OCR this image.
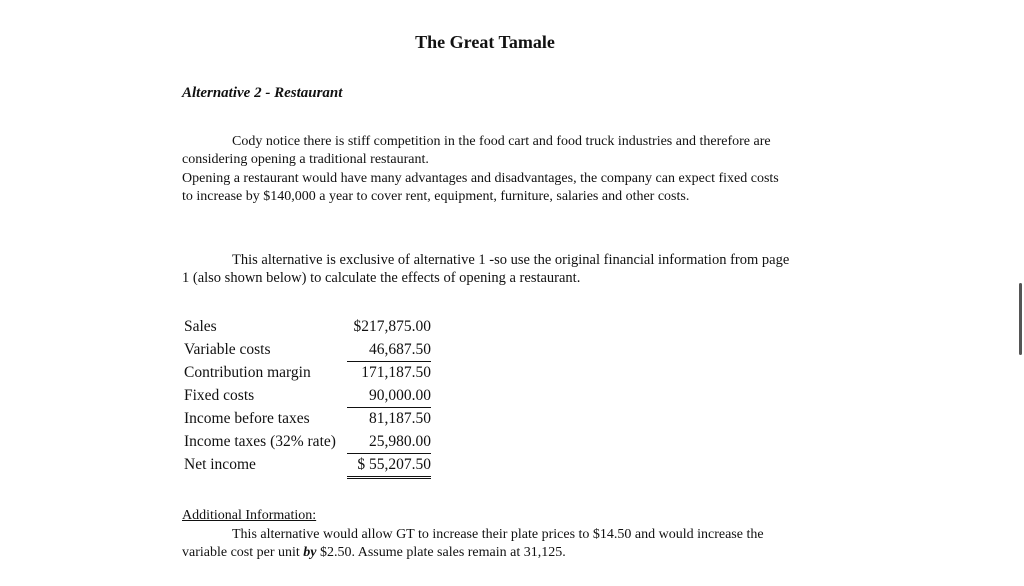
The Great Tamale
Alternative 2 - Restaurant
Cody notice there is stiff competition in the food cart and food truck industries and therefore are considering opening a traditional restaurant.
Opening a restaurant would have many advantages and disadvantages, the company can expect fixed costs to increase by $140,000 a year to cover rent, equipment, furniture, salaries and other costs.
This alternative is exclusive of alternative 1 -so use the original financial information from page 1 (also shown below) to calculate the effects of opening a restaurant.
Sales	$217,875.00
Variable costs	46,687.50
Contribution margin	171,187.50
Fixed costs	90,000.00
Income before taxes	81,187.50
Income taxes (32% rate)	25,980.00
Net income	$ 55,207.50
Additional Information:
This alternative would allow GT to increase their plate prices to $14.50 and would increase the variable cost per unit by $2.50. Assume plate sales remain at 31,125.
